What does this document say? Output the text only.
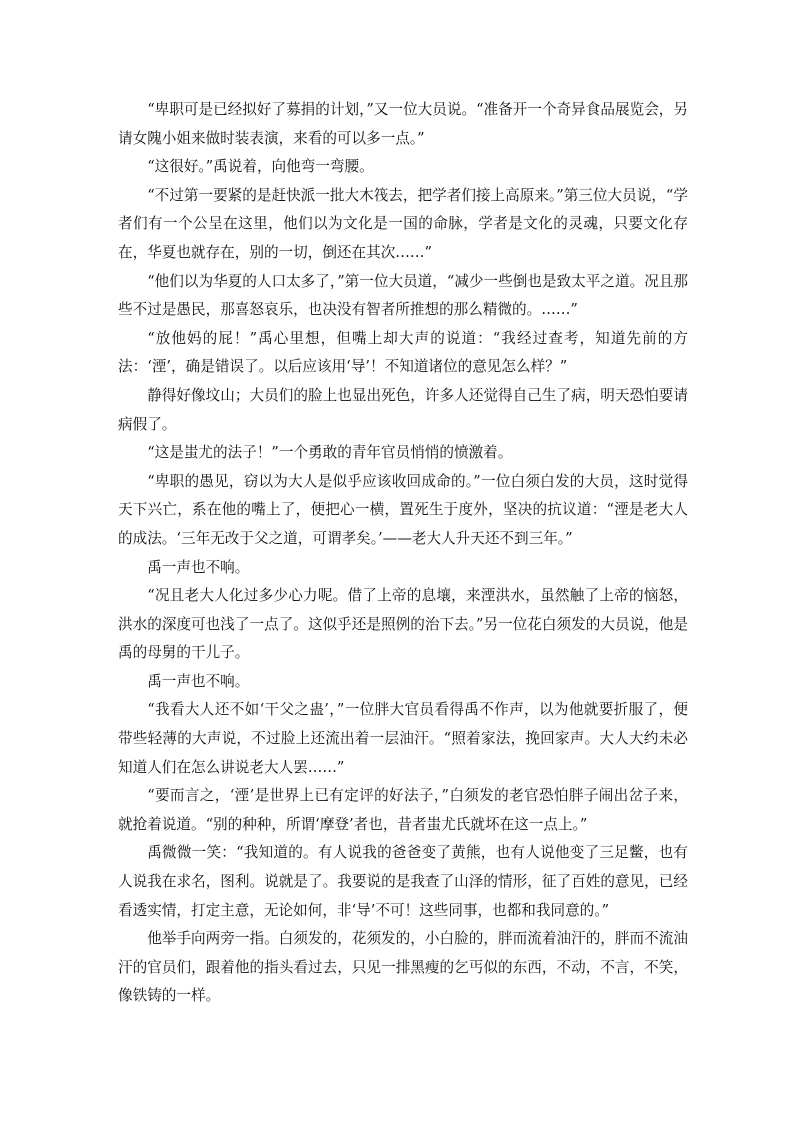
“卑职可是已经拟好了募捐的计划，”又一位大员说。“准备开一个奇异食品展览会，另请女隗小姐来做时装表演，来看的可以多一点。”

“这很好。”禹说着，向他弯一弯腰。

“不过第一要紧的是赶快派一批大木筏去，把学者们接上高原来。”第三位大员说，“学者们有一个公呈在这里，他们以为文化是一国的命脉，学者是文化的灵魂，只要文化存在，华夏也就存在，别的一切，倒还在其次……”

“他们以为华夏的人口太多了，”第一位大员道，“减少一些倒也是致太平之道。况且那些不过是愚民，那喜怒哀乐，也决没有智者所推想的那么精微的。……”

“放他妈的屁！”禹心里想，但嘴上却大声的说道：“我经过查考，知道先前的方法：‘湮’，确是错误了。以后应该用‘导’！不知道诸位的意见怎么样？”

静得好像坟山；大员们的脸上也显出死色，许多人还觉得自己生了病，明天恐怕要请病假了。

“这是蚩尤的法子！”一个勇敢的青年官员悄悄的愤激着。

“卑职的愚见，窃以为大人是似乎应该收回成命的。”一位白须白发的大员，这时觉得天下兴亡，系在他的嘴上了，便把心一横，置死生于度外，坚决的抗议道：“湮是老大人的成法。‘三年无改于父之道，可谓孝矣。’——老大人升天还不到三年。”

禹一声也不响。

“况且老大人化过多少心力呢。借了上帝的息壤，来湮洪水，虽然触了上帝的恼怒，洪水的深度可也浅了一点了。这似乎还是照例的治下去。”另一位花白须发的大员说，他是禹的母舅的干儿子。

禹一声也不响。

“我看大人还不如‘干父之蛊’，”一位胖大官员看得禹不作声，以为他就要折服了，便带些轻薄的大声说，不过脸上还流出着一层油汗。“照着家法，挽回家声。大人大约未必知道人们在怎么讲说老大人罢……”

“要而言之，‘湮’是世界上已有定评的好法子，”白须发的老官恐怕胖子闹出岔子来，就抢着说道。“别的种种，所谓‘摩登’者也，昔者蚩尤氏就坏在这一点上。”

禹微微一笑：“我知道的。有人说我的爸爸变了黄熊，也有人说他变了三足鳖，也有人说我在求名，图利。说就是了。我要说的是我查了山泽的情形，征了百姓的意见，已经看透实情，打定主意，无论如何，非‘导’不可！这些同事，也都和我同意的。”

他举手向两旁一指。白须发的，花须发的，小白脸的，胖而流着油汗的，胖而不流油汗的官员们，跟着他的指头看过去，只见一排黑瘦的乞丐似的东西，不动，不言，不笑，像铁铸的一样。
